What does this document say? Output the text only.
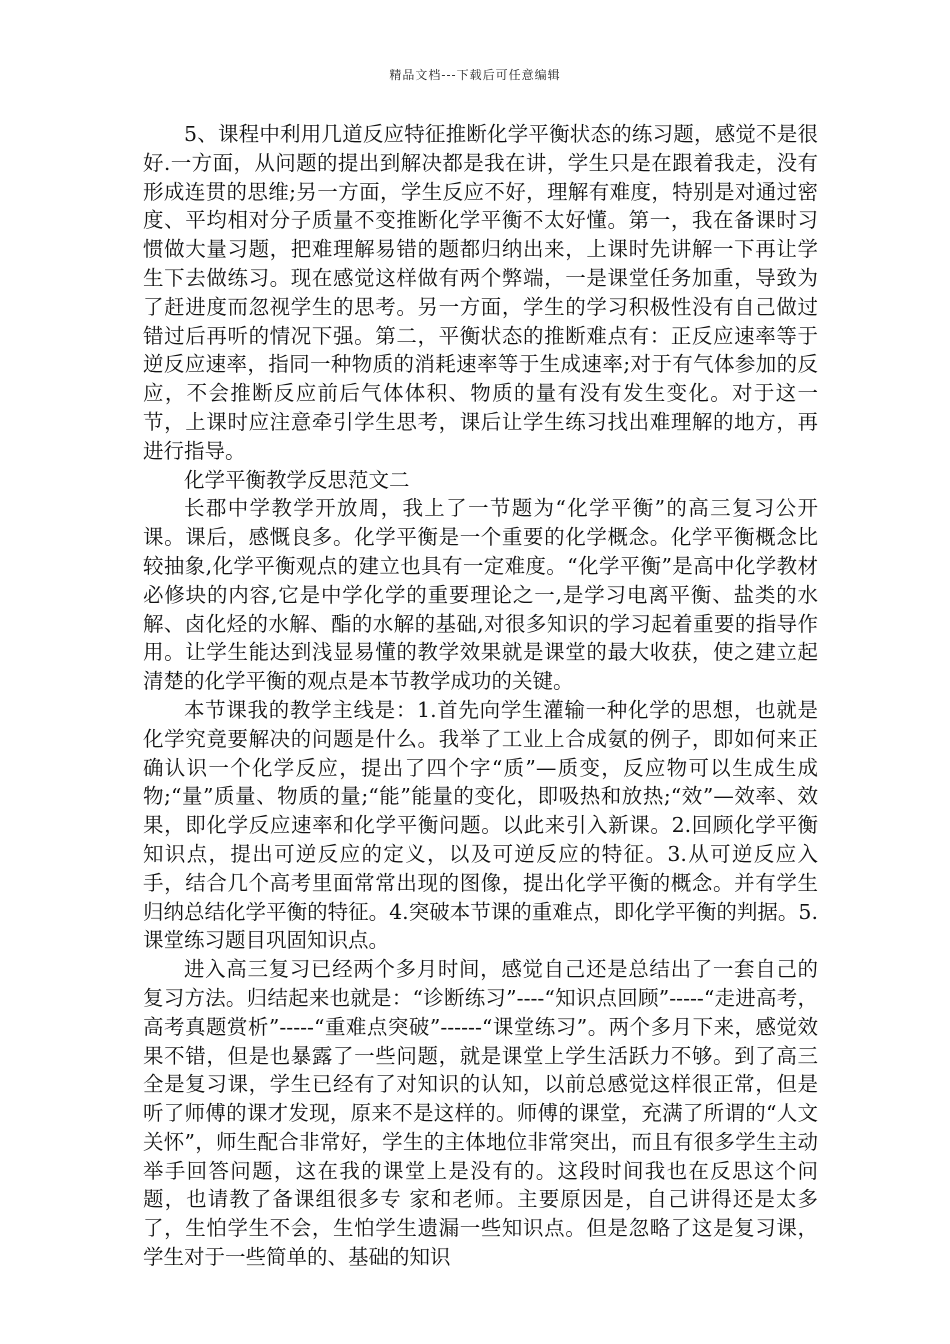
精品文档---下载后可任意编辑

5、课程中利用几道反应特征推断化学平衡状态的练习题，感觉不是很好.一方面，从问题的提出到解决都是我在讲，学生只是在跟着我走，没有形成连贯的思维;另一方面，学生反应不好，理解有难度，特别是对通过密度、平均相对分子质量不变推断化学平衡不太好懂。第一，我在备课时习惯做大量习题，把难理解易错的题都归纳出来，上课时先讲解一下再让学生下去做练习。现在感觉这样做有两个弊端，一是课堂任务加重，导致为了赶进度而忽视学生的思考。另一方面，学生的学习积极性没有自己做过错过后再听的情况下强。第二，平衡状态的推断难点有：正反应速率等于逆反应速率，指同一种物质的消耗速率等于生成速率;对于有气体参加的反应，不会推断反应前后气体体积、物质的量有没有发生变化。对于这一节，上课时应注意牵引学生思考，课后让学生练习找出难理解的地方，再进行指导。

化学平衡教学反思范文二

长郡中学教学开放周，我上了一节题为“化学平衡”的高三复习公开课。课后，感慨良多。化学平衡是一个重要的化学概念。化学平衡概念比较抽象,化学平衡观点的建立也具有一定难度。“化学平衡”是高中化学教材必修块的内容,它是中学化学的重要理论之一,是学习电离平衡、盐类的水解、卤化烃的水解、酯的水解的基础,对很多知识的学习起着重要的指导作用。让学生能达到浅显易懂的教学效果就是课堂的最大收获，使之建立起清楚的化学平衡的观点是本节教学成功的关键。

本节课我的教学主线是：1.首先向学生灌输一种化学的思想，也就是化学究竟要解决的问题是什么。我举了工业上合成氨的例子，即如何来正确认识一个化学反应，提出了四个字“质”—质变，反应物可以生成生成物;“量”质量、物质的量;“能”能量的变化，即吸热和放热;“效”—效率、效果，即化学反应速率和化学平衡问题。以此来引入新课。2.回顾化学平衡知识点，提出可逆反应的定义，以及可逆反应的特征。3.从可逆反应入手，结合几个高考里面常常出现的图像，提出化学平衡的概念。并有学生归纳总结化学平衡的特征。4.突破本节课的重难点，即化学平衡的判据。5.课堂练习题目巩固知识点。

进入高三复习已经两个多月时间，感觉自己还是总结出了一套自己的复习方法。归结起来也就是：“诊断练习”----“知识点回顾”-----“走进高考，高考真题赏析”-----“重难点突破”------“课堂练习”。两个多月下来，感觉效果不错，但是也暴露了一些问题，就是课堂上学生活跃力不够。到了高三全是复习课，学生已经有了对知识的认知，以前总感觉这样很正常，但是听了师傅的课才发现，原来不是这样的。师傅的课堂，充满了所谓的“人文关怀”，师生配合非常好，学生的主体地位非常突出，而且有很多学生主动举手回答问题，这在我的课堂上是没有的。这段时间我也在反思这个问题，也请教了备课组很多专 家和老师。主要原因是，自己讲得还是太多了，生怕学生不会，生怕学生遗漏一些知识点。但是忽略了这是复习课，学生对于一些简单的、基础的知识
